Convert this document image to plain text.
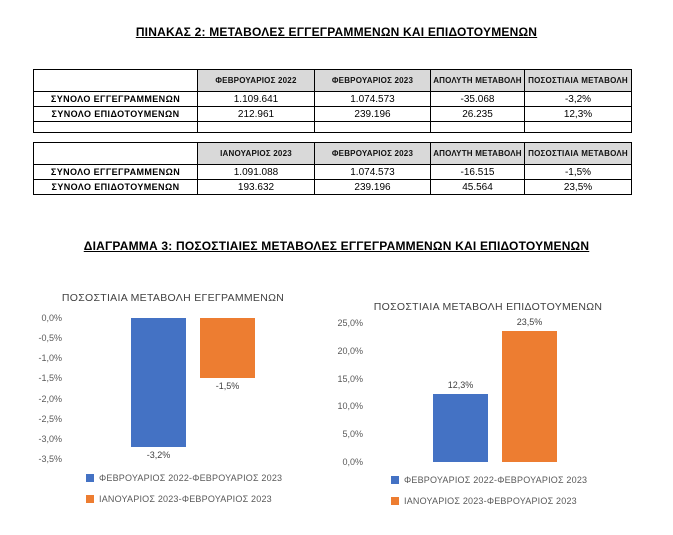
ΠΙΝΑΚΑΣ 2: ΜΕΤΑΒΟΛΕΣ ΕΓΓΕΓΡΑΜΜΕΝΩΝ ΚΑΙ ΕΠΙΔΟΤΟΥΜΕΝΩΝ
	ΦΕΒΡΟΥΑΡΙΟΣ 2022	ΦΕΒΡΟΥΑΡΙΟΣ 2023	ΑΠΟΛΥΤΗ ΜΕΤΑΒΟΛΗ	ΠΟΣΟΣΤΙΑΙΑ ΜΕΤΑΒΟΛΗ
ΣΥΝΟΛΟ ΕΓΓΕΓΡΑΜΜΕΝΩΝ	1.109.641	1.074.573	-35.068	-3,2%
ΣΥΝΟΛΟ ΕΠΙΔΟΤΟΥΜΕΝΩΝ	212.961	239.196	26.235	12,3%

	ΙΑΝΟΥΑΡΙΟΣ 2023	ΦΕΒΡΟΥΑΡΙΟΣ 2023	ΑΠΟΛΥΤΗ ΜΕΤΑΒΟΛΗ	ΠΟΣΟΣΤΙΑΙΑ ΜΕΤΑΒΟΛΗ
ΣΥΝΟΛΟ ΕΓΓΕΓΡΑΜΜΕΝΩΝ	1.091.088	1.074.573	-16.515	-1,5%
ΣΥΝΟΛΟ ΕΠΙΔΟΤΟΥΜΕΝΩΝ	193.632	239.196	45.564	23,5%
ΔΙΑΓΡΑΜΜΑ 3: ΠΟΣΟΣΤΙΑΙΕΣ ΜΕΤΑΒΟΛΕΣ ΕΓΓΕΓΡΑΜΜΕΝΩΝ ΚΑΙ ΕΠΙΔΟΤΟΥΜΕΝΩΝ
ΠΟΣΟΣΤΙΑΙΑ ΜΕΤΑΒΟΛΗ ΕΓΕΓΡΑΜΜΕΝΩΝ
0,0%
-0,5%
-1,0%
-1,5%
-2,0%
-2,5%
-3,0%
-3,5%	-3,2%
-1,5%
ΦΕΒΡΟΥΑΡΙΟΣ 2022-ΦΕΒΡΟΥΑΡΙΟΣ 2023
ΙΑΝΟΥΑΡΙΟΣ 2023-ΦΕΒΡΟΥΑΡΙΟΣ 2023
ΠΟΣΟΣΤΙΑΙΑ ΜΕΤΑΒΟΛΗ ΕΠΙΔΟΤΟΥΜΕΝΩΝ
25,0%
20,0%
15,0%
10,0%
5,0%
0,0%
12,3%
23,5%
ΦΕΒΡΟΥΑΡΙΟΣ 2022-ΦΕΒΡΟΥΑΡΙΟΣ 2023
ΙΑΝΟΥΑΡΙΟΣ 2023-ΦΕΒΡΟΥΑΡΙΟΣ 2023
